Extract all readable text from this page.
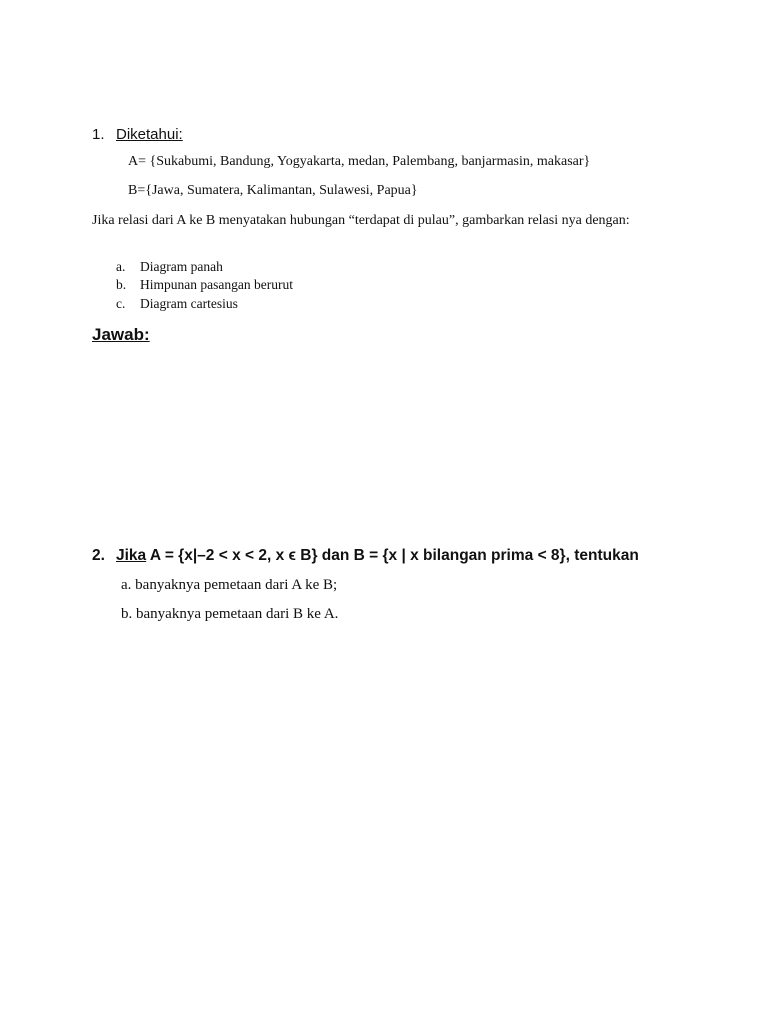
1. Diketahui:
A= {Sukabumi, Bandung, Yogyakarta, medan, Palembang, banjarmasin, makasar}
B={Jawa, Sumatera, Kalimantan, Sulawesi, Papua}
Jika relasi dari A ke B menyatakan hubungan “terdapat di pulau”, gambarkan relasi nya dengan:
a. Diagram panah
b. Himpunan pasangan berurut
c. Diagram cartesius
Jawab:
2. Jika A = {x|–2 < x < 2, x ϵ B} dan B = {x | x bilangan prima < 8}, tentukan
a. banyaknya pemetaan dari A ke B;
b. banyaknya pemetaan dari B ke A.
